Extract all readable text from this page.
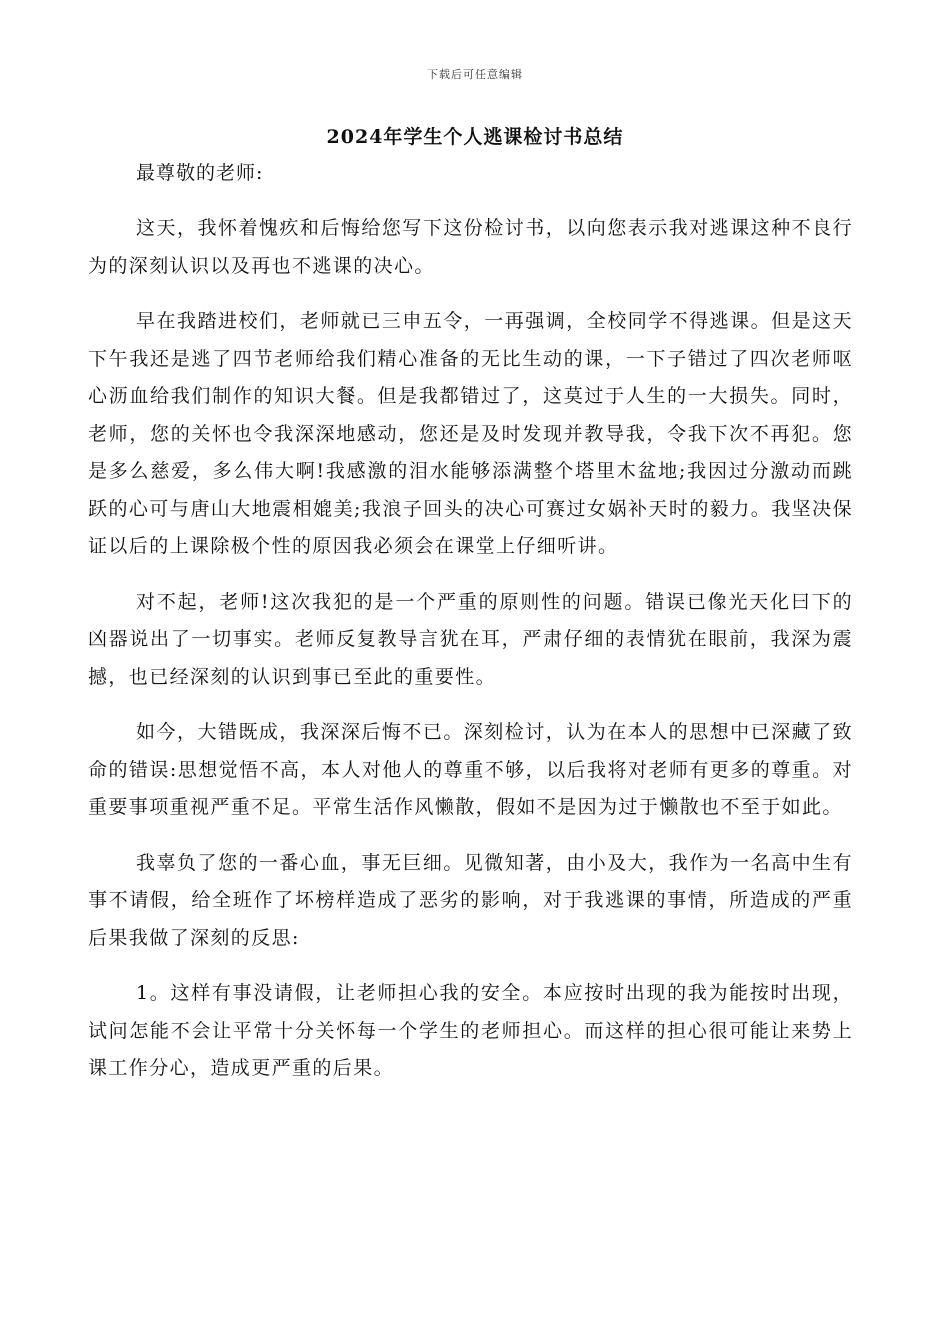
下载后可任意编辑
2024年学生个人逃课检讨书总结

最尊敬的老师:

这天，我怀着愧疚和后悔给您写下这份检讨书，以向您表示我对逃课这种不良行为的深刻认识以及再也不逃课的决心。

早在我踏进校们，老师就已三申五令，一再强调，全校同学不得逃课。但是这天下午我还是逃了四节老师给我们精心准备的无比生动的课，一下子错过了四次老师呕心沥血给我们制作的知识大餐。但是我都错过了，这莫过于人生的一大损失。同时，老师，您的关怀也令我深深地感动，您还是及时发现并教导我，令我下次不再犯。您是多么慈爱，多么伟大啊!我感激的泪水能够添满整个塔里木盆地;我因过分激动而跳跃的心可与唐山大地震相媲美;我浪子回头的决心可赛过女娲补天时的毅力。我坚决保证以后的上课除极个性的原因我必须会在课堂上仔细听讲。

对不起，老师!这次我犯的是一个严重的原则性的问题。错误已像光天化曰下的凶器说出了一切事实。老师反复教导言犹在耳，严肃仔细的表情犹在眼前，我深为震撼，也已经深刻的认识到事已至此的重要性。

如今，大错既成，我深深后悔不已。深刻检讨，认为在本人的思想中已深藏了致命的错误:思想觉悟不高，本人对他人的尊重不够，以后我将对老师有更多的尊重。对重要事项重视严重不足。平常生活作风懒散，假如不是因为过于懒散也不至于如此。

我辜负了您的一番心血，事无巨细。见微知著，由小及大，我作为一名高中生有事不请假，给全班作了坏榜样造成了恶劣的影响，对于我逃课的事情，所造成的严重后果我做了深刻的反思:

1。这样有事没请假，让老师担心我的安全。本应按时出现的我为能按时出现，试问怎能不会让平常十分关怀每一个学生的老师担心。而这样的担心很可能让来势上课工作分心，造成更严重的后果。
